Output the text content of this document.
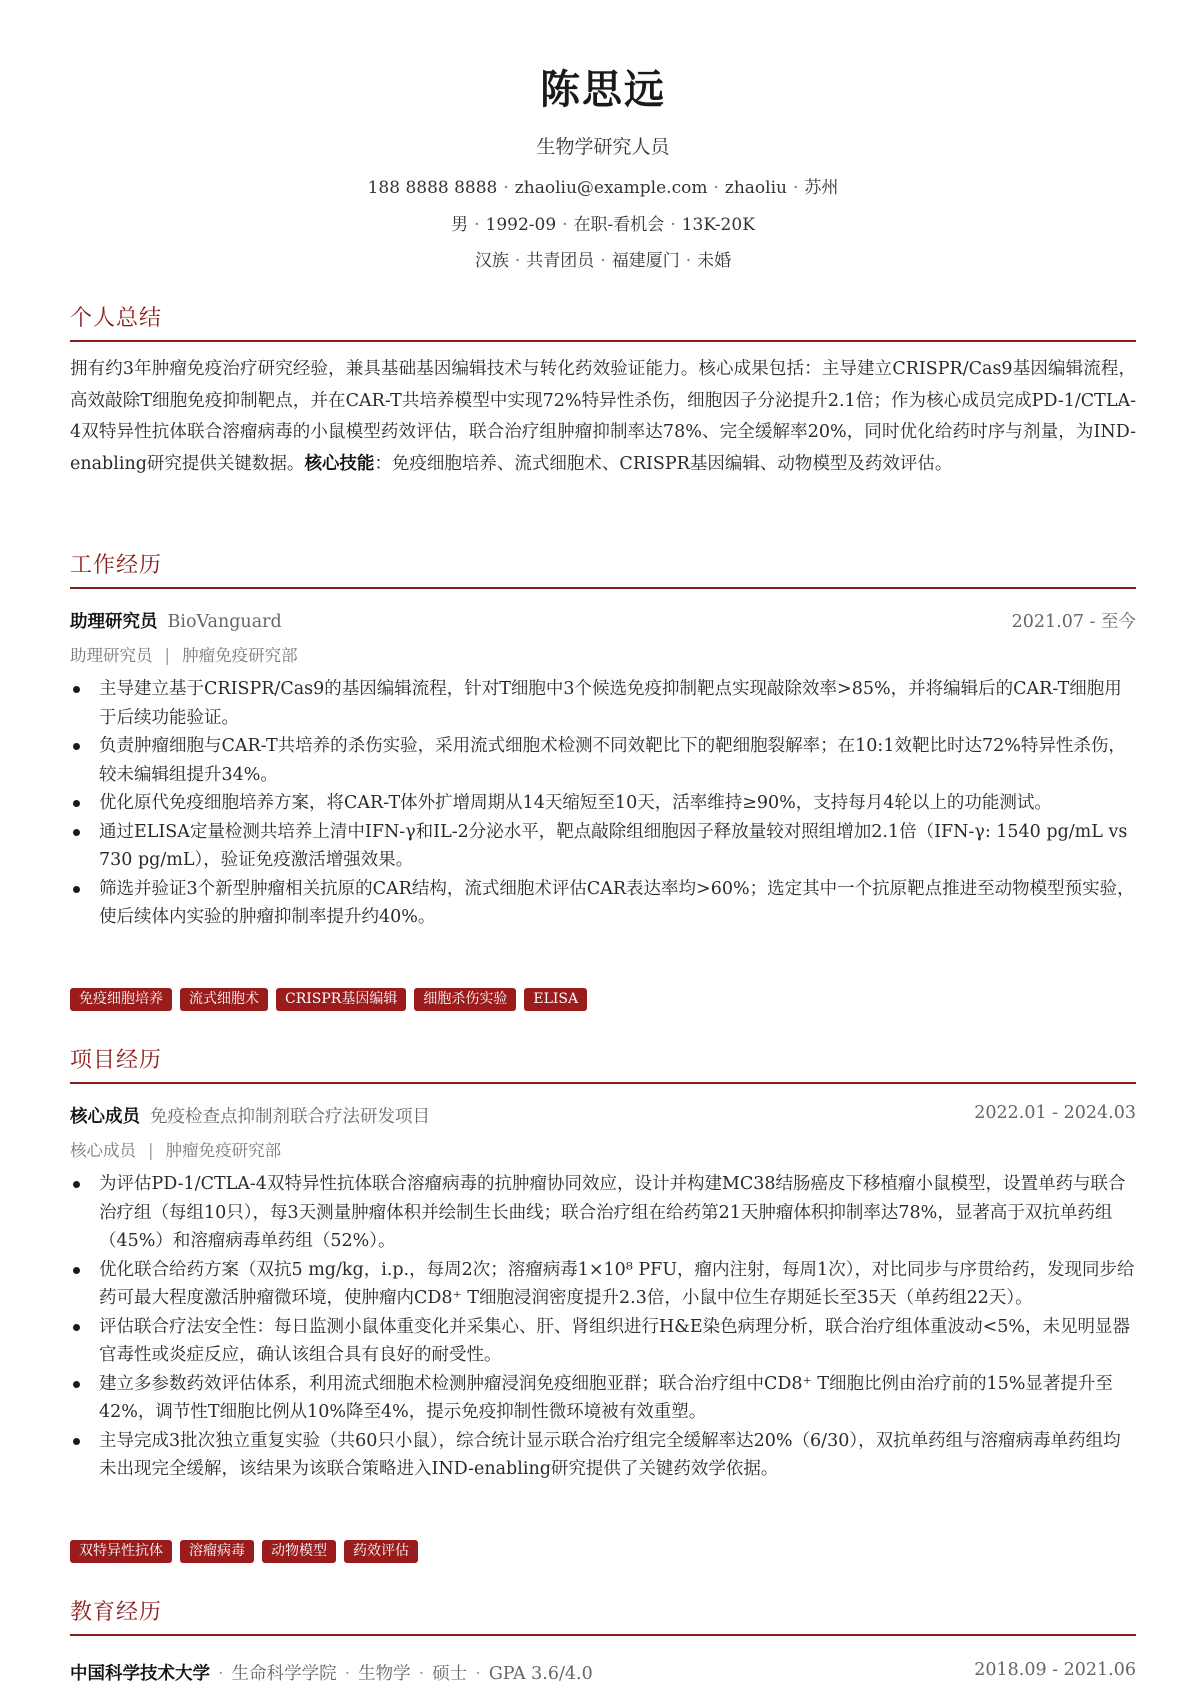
陈思远
生物学研究人员
188 8888 8888 · zhaoliu@example.com · zhaoliu · 苏州
男 · 1992-09 · 在职-看机会 · 13K-20K
汉族 · 共青团员 · 福建厦门 · 未婚
个人总结
拥有约3年肿瘤免疫治疗研究经验，兼具基础基因编辑技术与转化药效验证能力。核心成果包括：主导建立CRISPR/Cas9基因编辑流程，高效敲除T细胞免疫抑制靶点，并在CAR-T共培养模型中实现72%特异性杀伤，细胞因子分泌提升2.1倍；作为核心成员完成PD-1/CTLA-4双特异性抗体联合溶瘤病毒的小鼠模型药效评估，联合治疗组肿瘤抑制率达78%、完全缓解率20%，同时优化给药时序与剂量，为IND-enabling研究提供关键数据。核心技能：免疫细胞培养、流式细胞术、CRISPR基因编辑、动物模型及药效评估。
工作经历
助理研究员 BioVanguard	2021.07 - 至今
助理研究员 | 肿瘤免疫研究部
主导建立基于CRISPR/Cas9的基因编辑流程，针对T细胞中3个候选免疫抑制靶点实现敲除效率>85%，并将编辑后的CAR-T细胞用于后续功能验证。
负责肿瘤细胞与CAR-T共培养的杀伤实验，采用流式细胞术检测不同效靶比下的靶细胞裂解率；在10:1效靶比时达72%特异性杀伤，较未编辑组提升34%。
优化原代免疫细胞培养方案，将CAR-T体外扩增周期从14天缩短至10天，活率维持≥90%，支持每月4轮以上的功能测试。
通过ELISA定量检测共培养上清中IFN-γ和IL-2分泌水平，靶点敲除组细胞因子释放量较对照组增加2.1倍（IFN-γ: 1540 pg/mL vs 730 pg/mL），验证免疫激活增强效果。
筛选并验证3个新型肿瘤相关抗原的CAR结构，流式细胞术评估CAR表达率均>60%；选定其中一个抗原靶点推进至动物模型预实验，使后续体内实验的肿瘤抑制率提升约40%。
免疫细胞培养	流式细胞术	CRISPR基因编辑	细胞杀伤实验	ELISA
项目经历
核心成员 免疫检查点抑制剂联合疗法研发项目	2022.01 - 2024.03
核心成员 | 肿瘤免疫研究部
为评估PD-1/CTLA-4双特异性抗体联合溶瘤病毒的抗肿瘤协同效应，设计并构建MC38结肠癌皮下移植瘤小鼠模型，设置单药与联合治疗组（每组10只），每3天测量肿瘤体积并绘制生长曲线；联合治疗组在给药第21天肿瘤体积抑制率达78%，显著高于双抗单药组（45%）和溶瘤病毒单药组（52%）。
优化联合给药方案（双抗5 mg/kg，i.p.，每周2次；溶瘤病毒1×10⁸ PFU，瘤内注射，每周1次），对比同步与序贯给药，发现同步给药可最大程度激活肿瘤微环境，使肿瘤内CD8⁺ T细胞浸润密度提升2.3倍，小鼠中位生存期延长至35天（单药组22天）。
评估联合疗法安全性：每日监测小鼠体重变化并采集心、肝、肾组织进行H&E染色病理分析，联合治疗组体重波动<5%，未见明显器官毒性或炎症反应，确认该组合具有良好的耐受性。
建立多参数药效评估体系，利用流式细胞术检测肿瘤浸润免疫细胞亚群；联合治疗组中CD8⁺ T细胞比例由治疗前的15%显著提升至42%，调节性T细胞比例从10%降至4%，提示免疫抑制性微环境被有效重塑。
主导完成3批次独立重复实验（共60只小鼠），综合统计显示联合治疗组完全缓解率达20%（6/30），双抗单药组与溶瘤病毒单药组均未出现完全缓解，该结果为该联合策略进入IND-enabling研究提供了关键药效学依据。
双特异性抗体	溶瘤病毒	动物模型	药效评估
教育经历
中国科学技术大学 · 生命科学学院 · 生物学 · 硕士 · GPA 3.6/4.0	2018.09 - 2021.06
